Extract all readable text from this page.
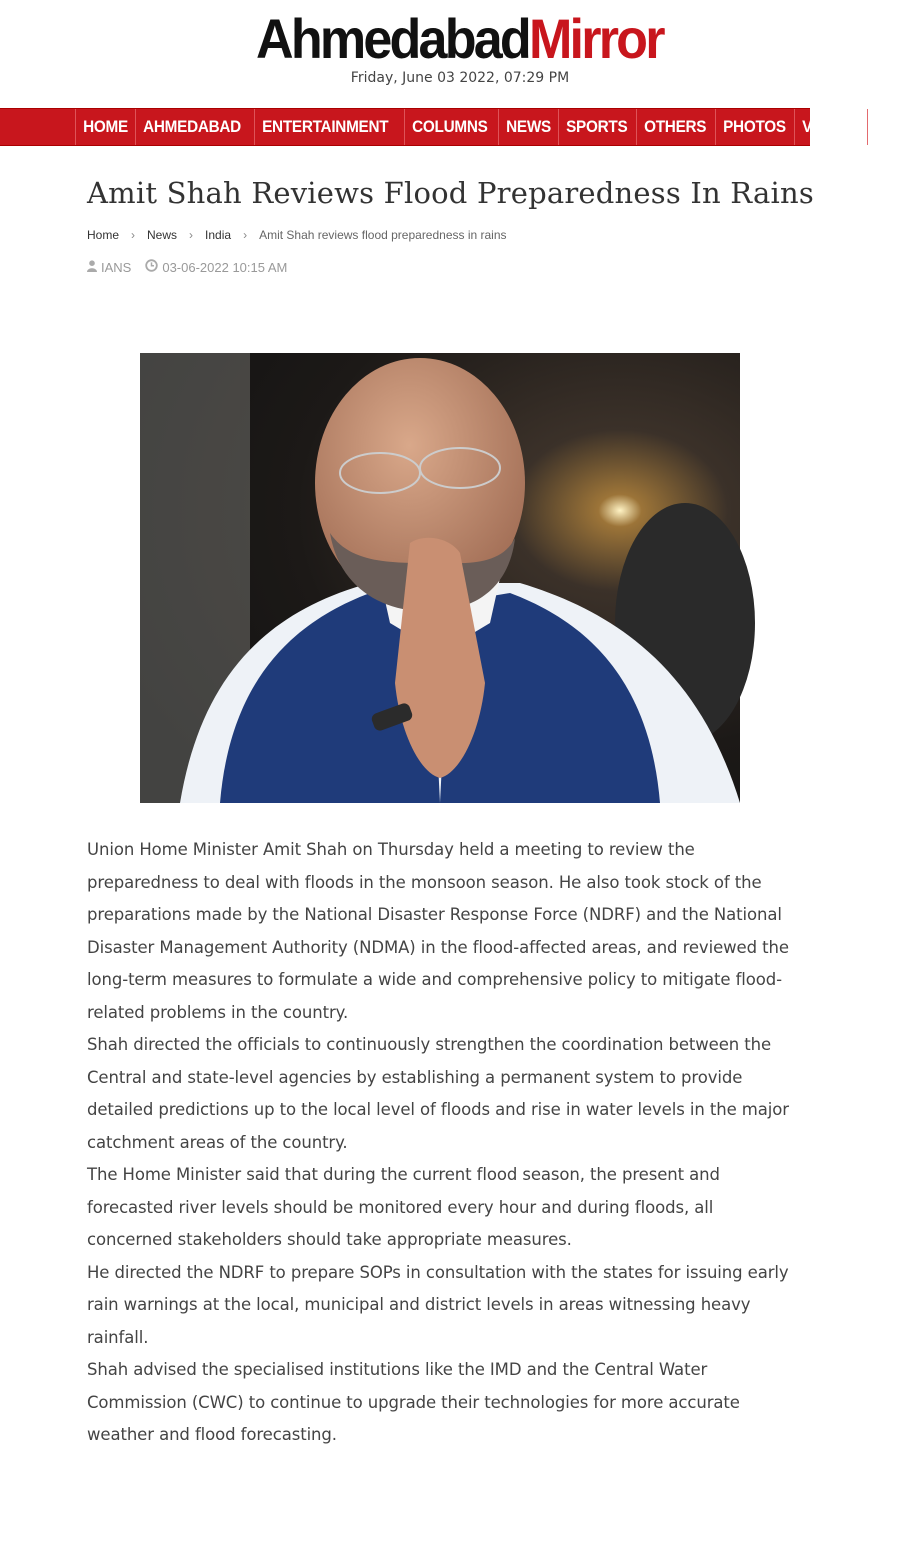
Ahmedabad Mirror
Friday, June 03 2022, 07:29 PM
HOME AHMEDABAD	ENTERTAINMENT	COLUMNS	NEWS SPORTS OTHERS PHOTOS VIDEOS I
Amit Shah Reviews Flood Preparedness In Rains
Home › News › India › Amit Shah reviews flood preparedness in rains
IANS 03-06-2022 10:15 AM

Union Home Minister Amit Shah on Thursday held a meeting to review the preparedness to deal with floods in the monsoon season. He also took stock of the preparations made by the National Disaster Response Force (NDRF) and the National Disaster Management Authority (NDMA) in the flood-affected areas, and reviewed the long-term measures to formulate a wide and comprehensive policy to mitigate flood-related problems in the country.

Shah directed the officials to continuously strengthen the coordination between the Central and state-level agencies by establishing a permanent system to provide detailed predictions up to the local level of floods and rise in water levels in the major catchment areas of the country.

The Home Minister said that during the current flood season, the present and forecasted river levels should be monitored every hour and during floods, all concerned stakeholders should take appropriate measures.

He directed the NDRF to prepare SOPs in consultation with the states for issuing early rain warnings at the local, municipal and district levels in areas witnessing heavy rainfall.

Shah advised the specialised institutions like the IMD and the Central Water Commission (CWC) to continue to upgrade their technologies for more accurate weather and flood forecasting.
